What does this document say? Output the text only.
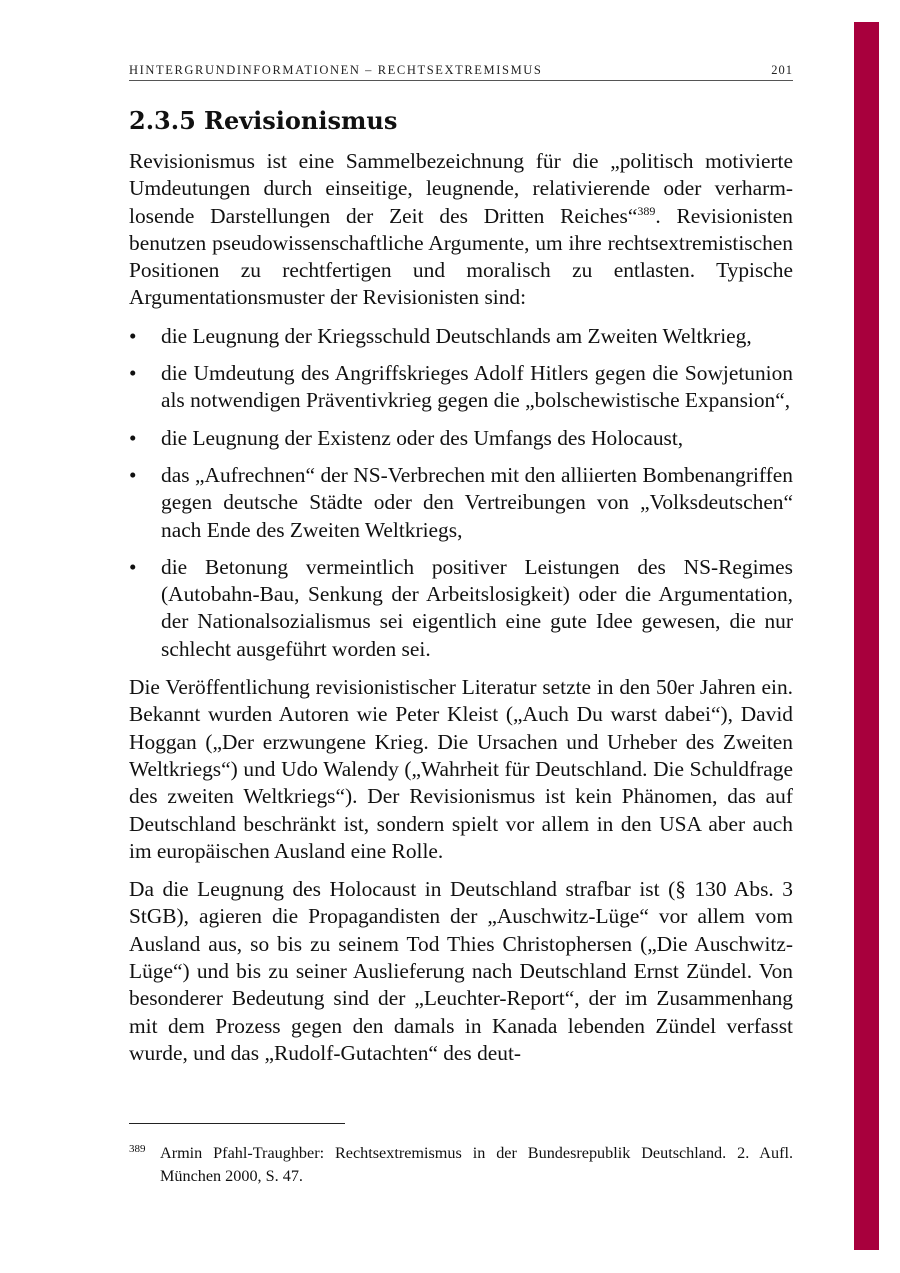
HINTERGRUNDINFORMATIONEN – RECHTSEXTREMISMUS	201
2.3.5 Revisionismus

Revisionismus ist eine Sammelbezeichnung für die „politisch motivierte Umdeutungen durch einseitige, leugnende, relativierende oder verharmlosende Darstellungen der Zeit des Dritten Reiches“$^{389}$. Revisionisten benutzen pseudowissenschaftliche Argumente, um ihre rechtsextremistischen Positionen zu rechtfertigen und moralisch zu entlasten. Typische Argumentationsmuster der Revisionisten sind:

• die Leugnung der Kriegsschuld Deutschlands am Zweiten Weltkrieg,
• die Umdeutung des Angriffskrieges Adolf Hitlers gegen die Sowjetunion als notwendigen Präventivkrieg gegen die „bolschewistische Expansion“,
• die Leugnung der Existenz oder des Umfangs des Holocaust,
• das „Aufrechnen“ der NS-Verbrechen mit den alliierten Bombenangriffen gegen deutsche Städte oder den Vertreibungen von „Volksdeutschen“ nach Ende des Zweiten Weltkriegs,
• die Betonung vermeintlich positiver Leistungen des NS-Regimes (Autobahn-Bau, Senkung der Arbeitslosigkeit) oder die Argumentation, der Nationalsozialismus sei eigentlich eine gute Idee gewesen, die nur schlecht ausgeführt worden sei.

Die Veröffentlichung revisionistischer Literatur setzte in den 50er Jahren ein. Bekannt wurden Autoren wie Peter Kleist („Auch Du warst dabei“), David Hoggan („Der erzwungene Krieg. Die Ursachen und Urheber des Zweiten Weltkriegs“) und Udo Walendy („Wahrheit für Deutschland. Die Schuldfrage des zweiten Weltkriegs“). Der Revisionismus ist kein Phänomen, das auf Deutschland beschränkt ist, sondern spielt vor allem in den USA aber auch im europäischen Ausland eine Rolle.

Da die Leugnung des Holocaust in Deutschland strafbar ist (§ 130 Abs. 3 StGB), agieren die Propagandisten der „Auschwitz-Lüge“ vor allem vom Ausland aus, so bis zu seinem Tod Thies Christophersen („Die Auschwitz-Lüge“) und bis zu seiner Auslieferung nach Deutschland Ernst Zündel. Von besonderer Bedeutung sind der „Leuchter-Report“, der im Zusammenhang mit dem Prozess gegen den damals in Kanada lebenden Zündel verfasst wurde, und das „Rudolf-Gutachten“ des deut-

389 Armin Pfahl-Traughber: Rechtsextremismus in der Bundesrepublik Deutschland. 2. Aufl. München 2000, S. 47.
